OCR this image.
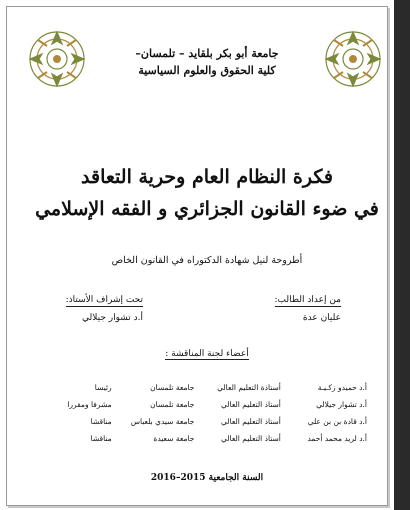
جامعة أبو بكر بلقايد – تلمسان–
كلية الحقوق والعلوم السياسية
فكرة النظام العام وحرية التعاقد
في ضوء القانون الجزائري و الفقه الإسلامي
أطروحة لنيل شهادة الدكتوراه في القانون الخاص
من إعداد الطالب:
عليان عدة
تحت إشراف الأستاذ:
أ.د تشوار جيلالي
أعضاء لجنة المناقشة :
أ.د حميدو زكـيـة	أستاذة التعليم العالي	جامعة تلمسان	رئيسا
أ.د تشوار جيلالي	أستاذ التعليم العالي	جامعة تلمسان	مشرفا ومقررا
أ.د قادة بن بن علي	أستاذ التعليم العالي	جامعة سيدي بلعباس	مناقشا
أ.د لريد محمد أحمد	أستاذ التعليم العالي	جامعة سعيدة	مناقشا
السنة الجامعية 2015–2016
